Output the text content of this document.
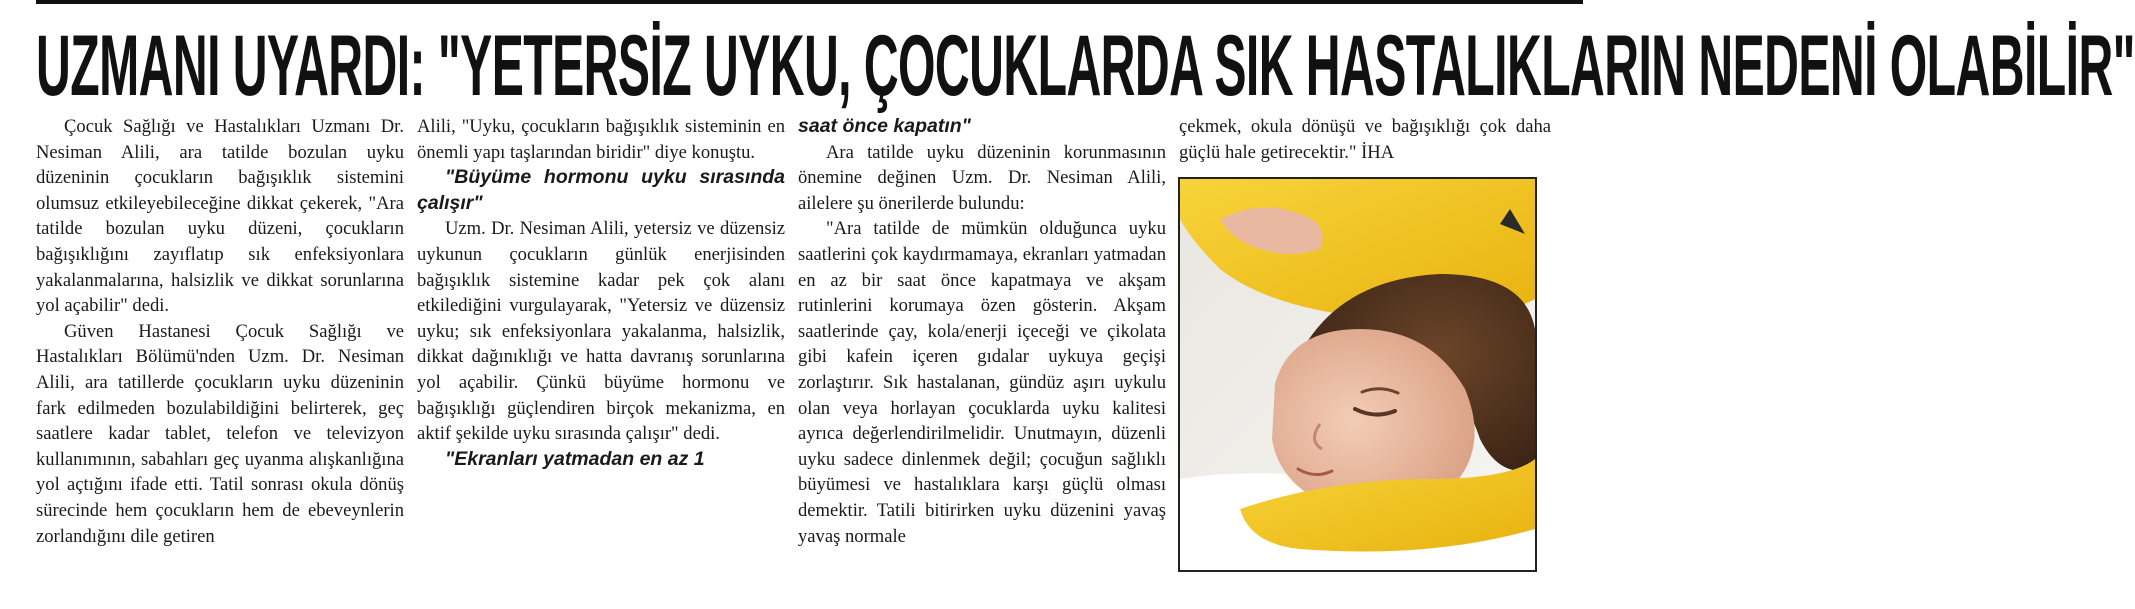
UZMANI UYARDI: "YETERSİZ UYKU, ÇOCUKLARDA SIK HASTALIKLARIN NEDENİ OLABİLİR"

Çocuk Sağlığı ve Hastalıkları Uzmanı Dr. Nesiman Alili, ara tatilde bozulan uyku düzeninin çocukların bağışıklık sistemini olumsuz etkileyebileceğine dikkat çekerek, "Ara tatilde bozulan uyku düzeni, çocukların bağışıklığını zayıflatıp sık enfeksiyonlara yakalanmalarına, halsizlik ve dikkat sorunlarına yol açabilir" dedi.

Güven Hastanesi Çocuk Sağlığı ve Hastalıkları Bölümü'nden Uzm. Dr. Nesiman Alili, ara tatillerde çocukların uyku düzeninin fark edilmeden bozulabildiğini belirterek, geç saatlere kadar tablet, telefon ve televizyon kullanımının, sabahları geç uyanma alışkanlığına yol açtığını ifade etti. Tatil sonrası okula dönüş sürecinde hem çocukların hem de ebeveynlerin zorlandığını dile getiren

Alili, "Uyku, çocukların bağışıklık sisteminin en önemli yapı taşlarından biridir" diye konuştu.

"Büyüme hormonu uyku sırasında çalışır"

Uzm. Dr. Nesiman Alili, yetersiz ve düzensiz uykunun çocukların günlük enerjisinden bağışıklık sistemine kadar pek çok alanı etkilediğini vurgulayarak, "Yetersiz ve düzensiz uyku; sık enfeksiyonlara yakalanma, halsizlik, dikkat dağınıklığı ve hatta davranış sorunlarına yol açabilir. Çünkü büyüme hormonu ve bağışıklığı güçlendiren birçok mekanizma, en aktif şekilde uyku sırasında çalışır" dedi.

"Ekranları yatmadan en az 1
saat önce kapatın"

Ara tatilde uyku düzeninin korunmasının önemine değinen Uzm. Dr. Nesiman Alili, ailelere şu önerilerde bulundu:

"Ara tatilde de mümkün olduğunca uyku saatlerini çok kaydırmamaya, ekranları yatmadan en az bir saat önce kapatmaya ve akşam rutinlerini korumaya özen gösterin. Akşam saatlerinde çay, kola/enerji içeceği ve çikolata gibi kafein içeren gıdalar uykuya geçişi zorlaştırır. Sık hastalanan, gündüz aşırı uykulu olan veya horlayan çocuklarda uyku kalitesi ayrıca değerlendirilmelidir. Unutmayın, düzenli uyku sadece dinlenmek değil; çocuğun sağlıklı büyümesi ve hastalıklara karşı güçlü olması demektir. Tatili bitirirken uyku düzenini yavaş yavaş normale

çekmek, okula dönüşü ve bağışıklığı çok daha güçlü hale getirecektir." İHA
